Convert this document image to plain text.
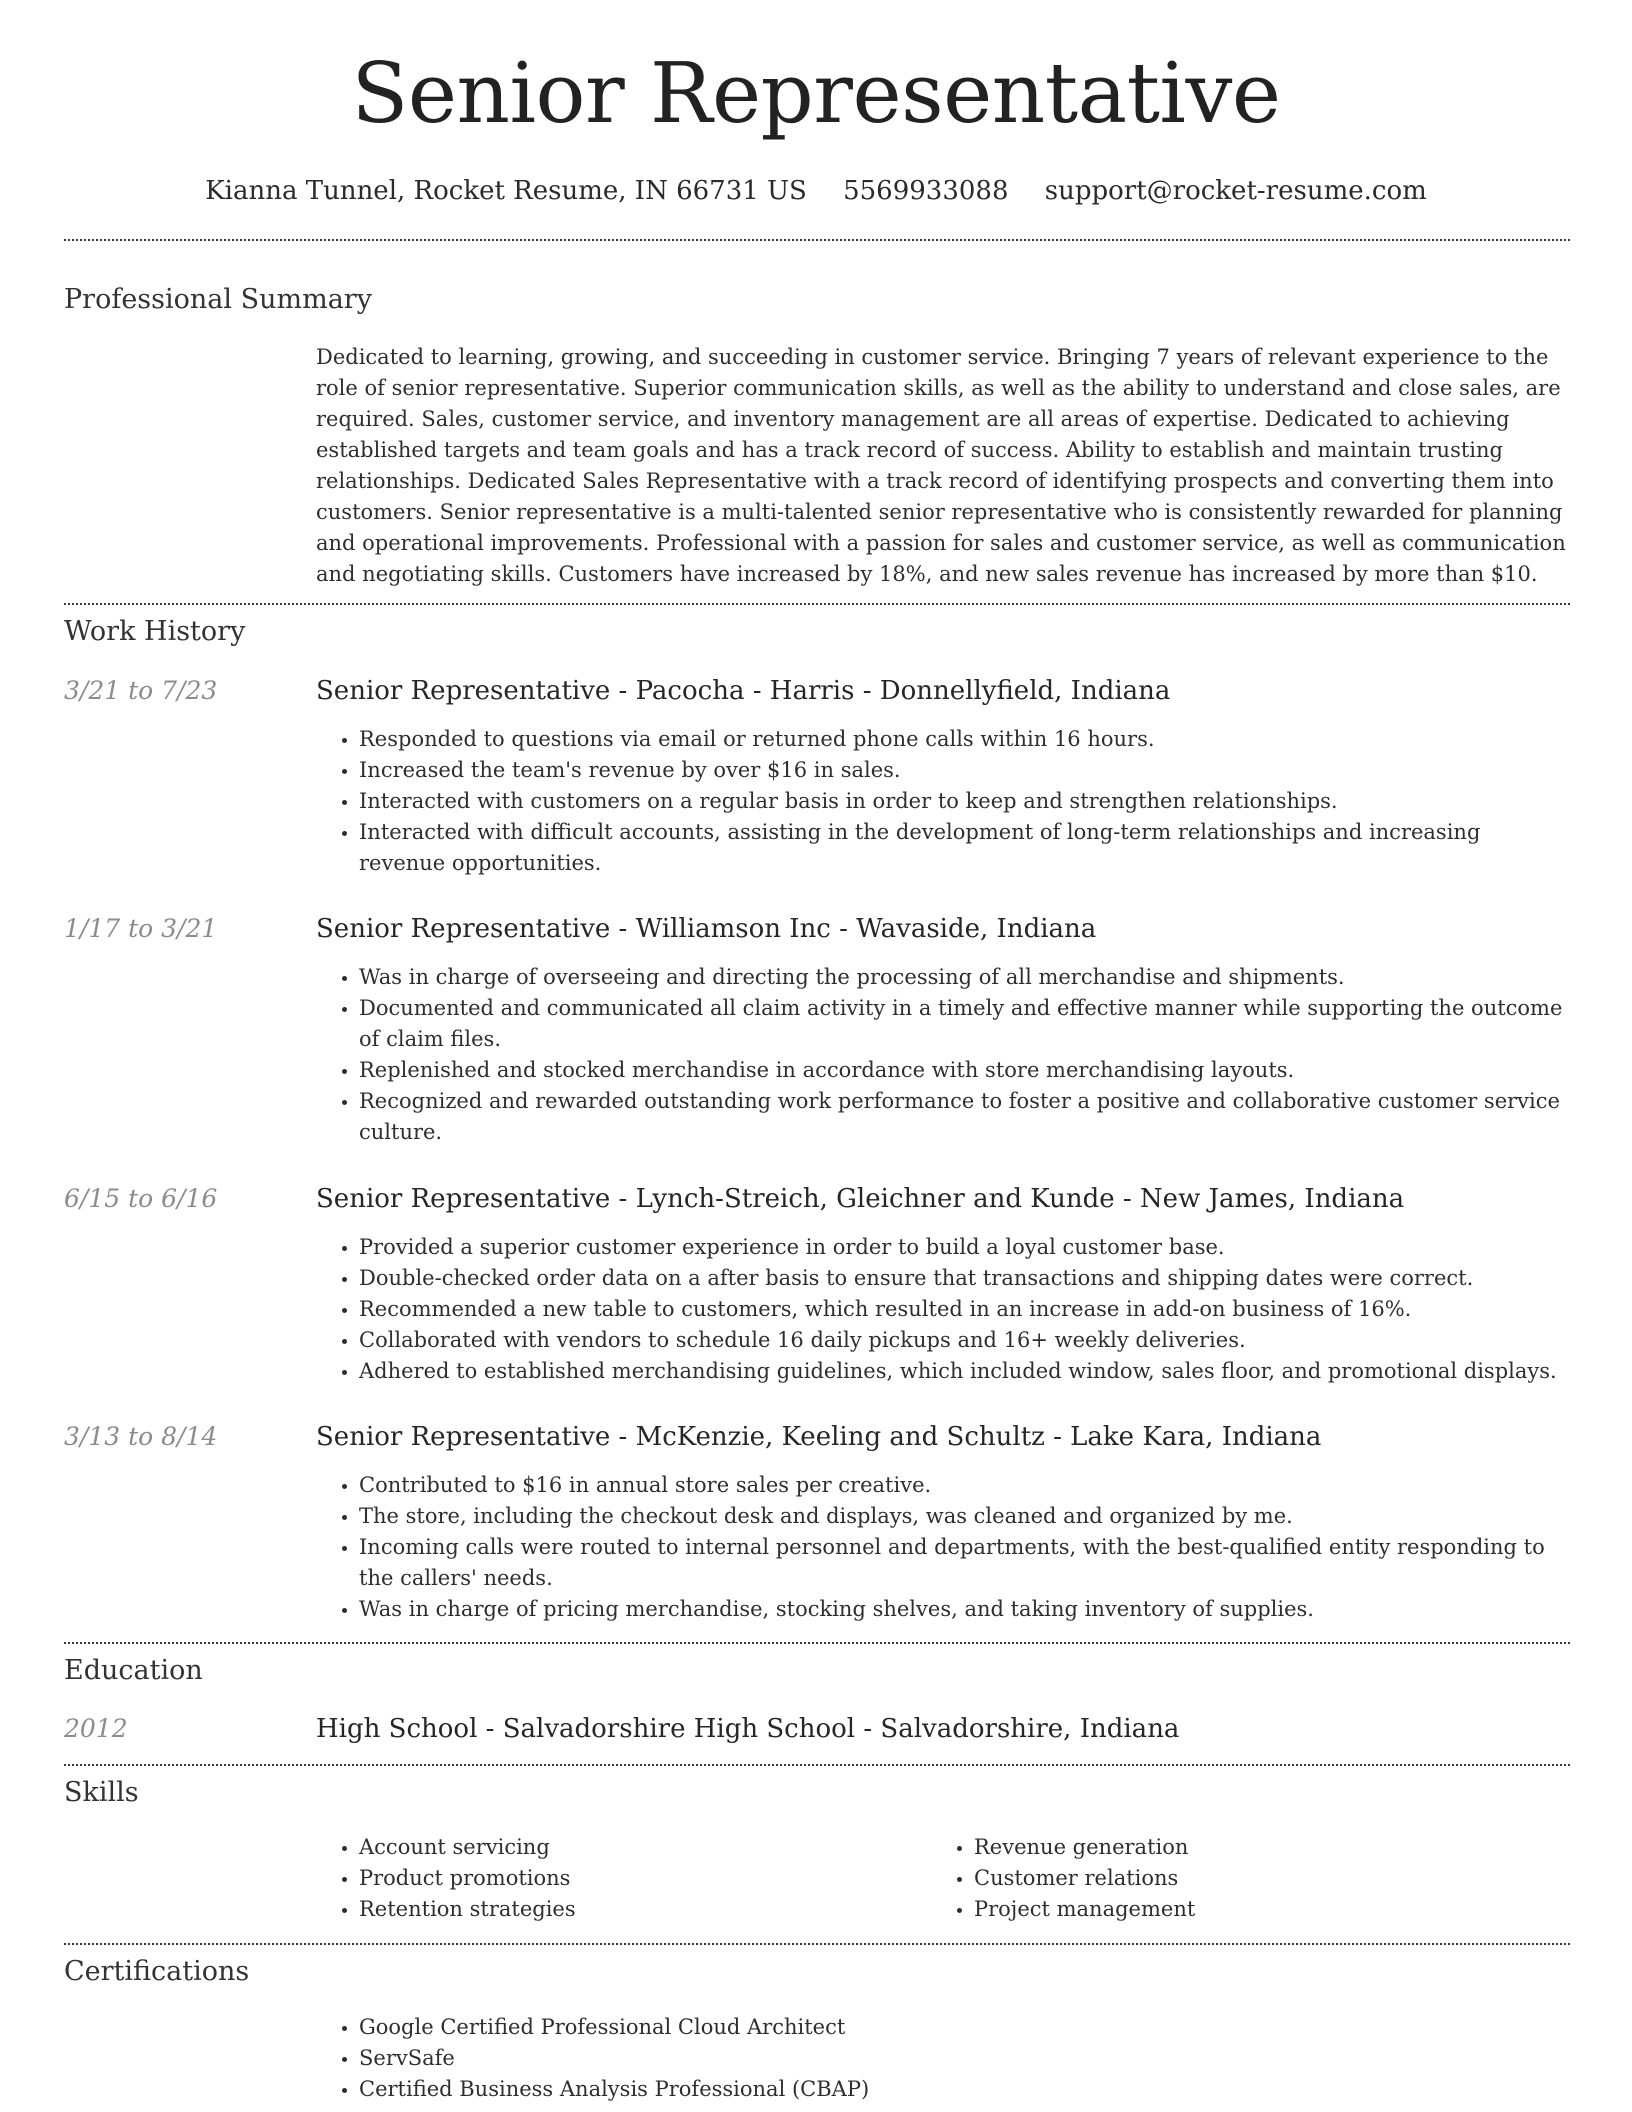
Senior Representative
Kianna Tunnel, Rocket Resume, IN 66731 US 5569933088 support@rocket-resume.com
Professional Summary
Dedicated to learning, growing, and succeeding in customer service. Bringing 7 years of relevant experience to the role of senior representative. Superior communication skills, as well as the ability to understand and close sales, are required. Sales, customer service, and inventory management are all areas of expertise. Dedicated to achieving established targets and team goals and has a track record of success. Ability to establish and maintain trusting relationships. Dedicated Sales Representative with a track record of identifying prospects and converting them into customers. Senior representative is a multi-talented senior representative who is consistently rewarded for planning and operational improvements. Professional with a passion for sales and customer service, as well as communication and negotiating skills. Customers have increased by 18%, and new sales revenue has increased by more than $10.
Work History
3/21 to 7/23	Senior Representative - Pacocha - Harris - Donnellyfield, Indiana
• Responded to questions via email or returned phone calls within 16 hours.
• Increased the team's revenue by over $16 in sales.
• Interacted with customers on a regular basis in order to keep and strengthen relationships.
• Interacted with difficult accounts, assisting in the development of long-term relationships and increasing revenue opportunities.
1/17 to 3/21	Senior Representative - Williamson Inc - Wavaside, Indiana
• Was in charge of overseeing and directing the processing of all merchandise and shipments.
• Documented and communicated all claim activity in a timely and effective manner while supporting the outcome of claim files.
• Replenished and stocked merchandise in accordance with store merchandising layouts.
• Recognized and rewarded outstanding work performance to foster a positive and collaborative customer service culture.
6/15 to 6/16	Senior Representative - Lynch-Streich, Gleichner and Kunde - New James, Indiana
• Provided a superior customer experience in order to build a loyal customer base.
• Double-checked order data on a after basis to ensure that transactions and shipping dates were correct.
• Recommended a new table to customers, which resulted in an increase in add-on business of 16%.
• Collaborated with vendors to schedule 16 daily pickups and 16+ weekly deliveries.
• Adhered to established merchandising guidelines, which included window, sales floor, and promotional displays.
3/13 to 8/14	Senior Representative - McKenzie, Keeling and Schultz - Lake Kara, Indiana
• Contributed to $16 in annual store sales per creative.
• The store, including the checkout desk and displays, was cleaned and organized by me.
• Incoming calls were routed to internal personnel and departments, with the best-qualified entity responding to the callers' needs.
• Was in charge of pricing merchandise, stocking shelves, and taking inventory of supplies.
Education
2012	High School - Salvadorshire High School - Salvadorshire, Indiana
Skills
• Account servicing
• Product promotions
• Retention strategies
• Revenue generation
• Customer relations
• Project management
Certifications
• Google Certified Professional Cloud Architect
• ServSafe
• Certified Business Analysis Professional (CBAP)
